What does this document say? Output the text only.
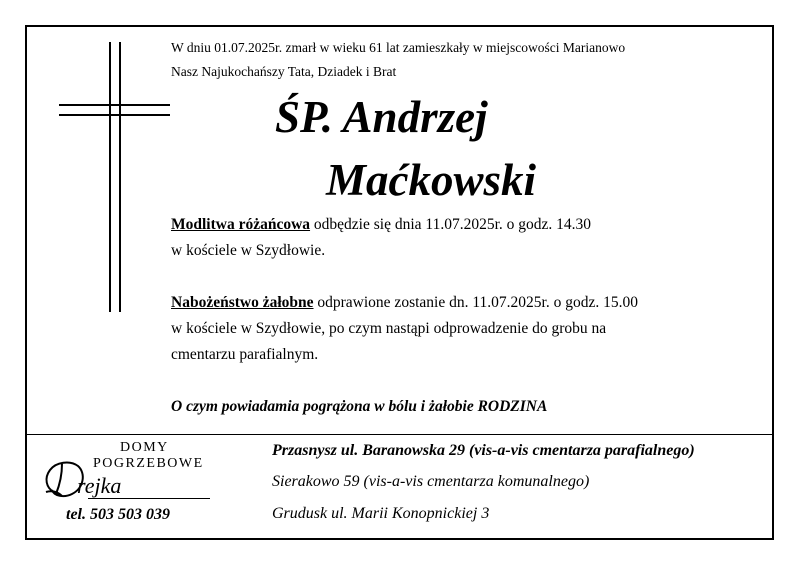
W dniu 01.07.2025r. zmarł w wieku 61 lat zamieszkały w miejscowości Marianowo
Nasz Najukochańszy Tata, Dziadek i Brat
ŚP. Andrzej
Maćkowski
Modlitwa różańcowa odbędzie się dnia 11.07.2025r. o godz. 14.30
w kościele w Szydłowie.
Nabożeństwo żałobne odprawione zostanie dn. 11.07.2025r. o godz. 15.00
w kościele w Szydłowie, po czym nastąpi odprowadzenie do grobu na
cmentarzu parafialnym.
O czym powiadamia pogrążona w bólu i żałobie RODZINA
DOMY
POGRZEBOWE
rejka
tel. 503 503 039
Przasnysz ul. Baranowska 29 (vis-a-vis cmentarza parafialnego)
Sierakowo 59 (vis-a-vis cmentarza komunalnego)
Grudusk ul. Marii Konopnickiej 3
